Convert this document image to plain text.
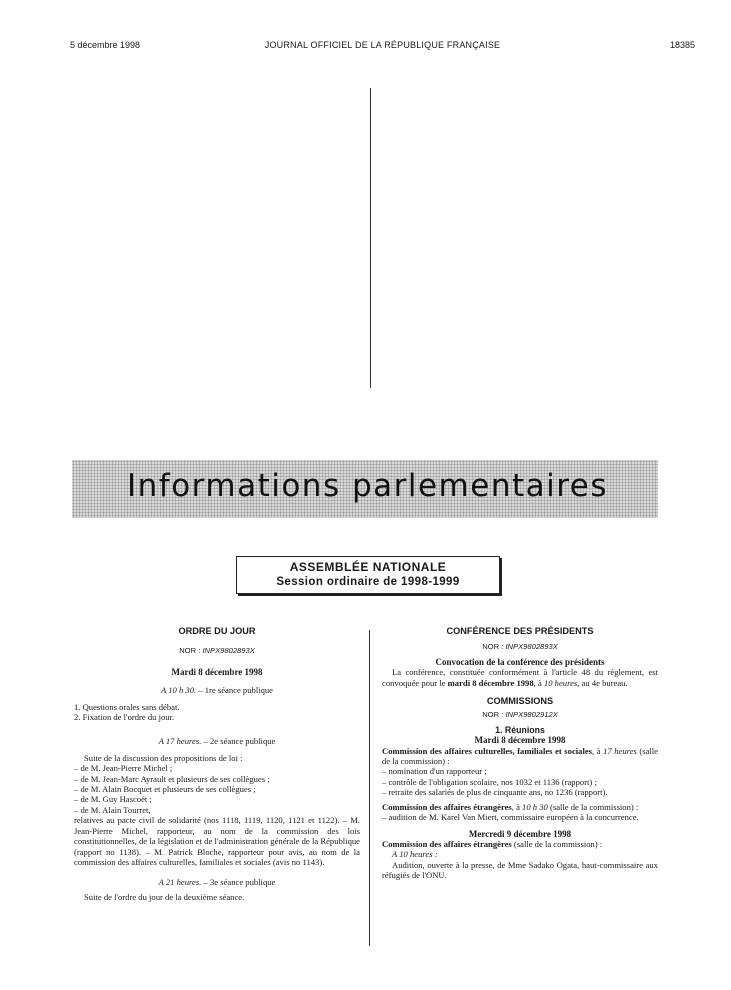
5 décembre 1998	JOURNAL OFFICIEL DE LA RÉPUBLIQUE FRANÇAISE	18385
Informations parlementaires
ASSEMBLÉE NATIONALE
Session ordinaire de 1998-1999
ORDRE DU JOUR
NOR : INPX9802893X
Mardi 8 décembre 1998
A 10 h 30. – 1re séance publique
1. Questions orales sans débat.
2. Fixation de l'ordre du jour.
A 17 heures. – 2e séance publique
Suite de la discussion des propositions de loi :
– de M. Jean-Pierre Michel ;
– de M. Jean-Marc Ayrault et plusieurs de ses collègues ;
– de M. Alain Bocquet et plusieurs de ses collègues ;
– de M. Guy Hascoët ;
– de M. Alain Tourret,
relatives au pacte civil de solidarité (nos 1118, 1119, 1120, 1121 et 1122). – M. Jean-Pierre Michel, rapporteur, au nom de la commission des lois constitutionnelles, de la législation et de l'administration générale de la République (rapport no 1138). – M. Patrick Bloche, rapporteur pour avis, au nom de la commission des affaires culturelles, familiales et sociales (avis no 1143).
A 21 heures. – 3e séance publique
Suite de l'ordre du jour de la deuxième séance.
CONFÉRENCE DES PRÉSIDENTS
NOR : INPX9802893X
Convocation de la conférence des présidents
La conférence, constituée conformément à l'article 48 du règlement, est convoquée pour le mardi 8 décembre 1998, à 10 heures, au 4e bureau.
COMMISSIONS
NOR : INPX9802912X
1. Réunions
Mardi 8 décembre 1998
Commission des affaires culturelles, familiales et sociales, à 17 heures (salle de la commission) :
– nomination d'un rapporteur ;
– contrôle de l'obligation scolaire, nos 1032 et 1136 (rapport) ;
– retraite des salariés de plus de cinquante ans, no 1236 (rapport).
Commission des affaires étrangères, à 10 h 30 (salle de la commission) :
– audition de M. Karel Van Miert, commissaire européen à la concurrence.
Mercredi 9 décembre 1998
Commission des affaires étrangères (salle de la commission) :
A 10 heures :
Audition, ouverte à la presse, de Mme Sadako Ogata, haut-commissaire aux réfugiés de l'ONU.
